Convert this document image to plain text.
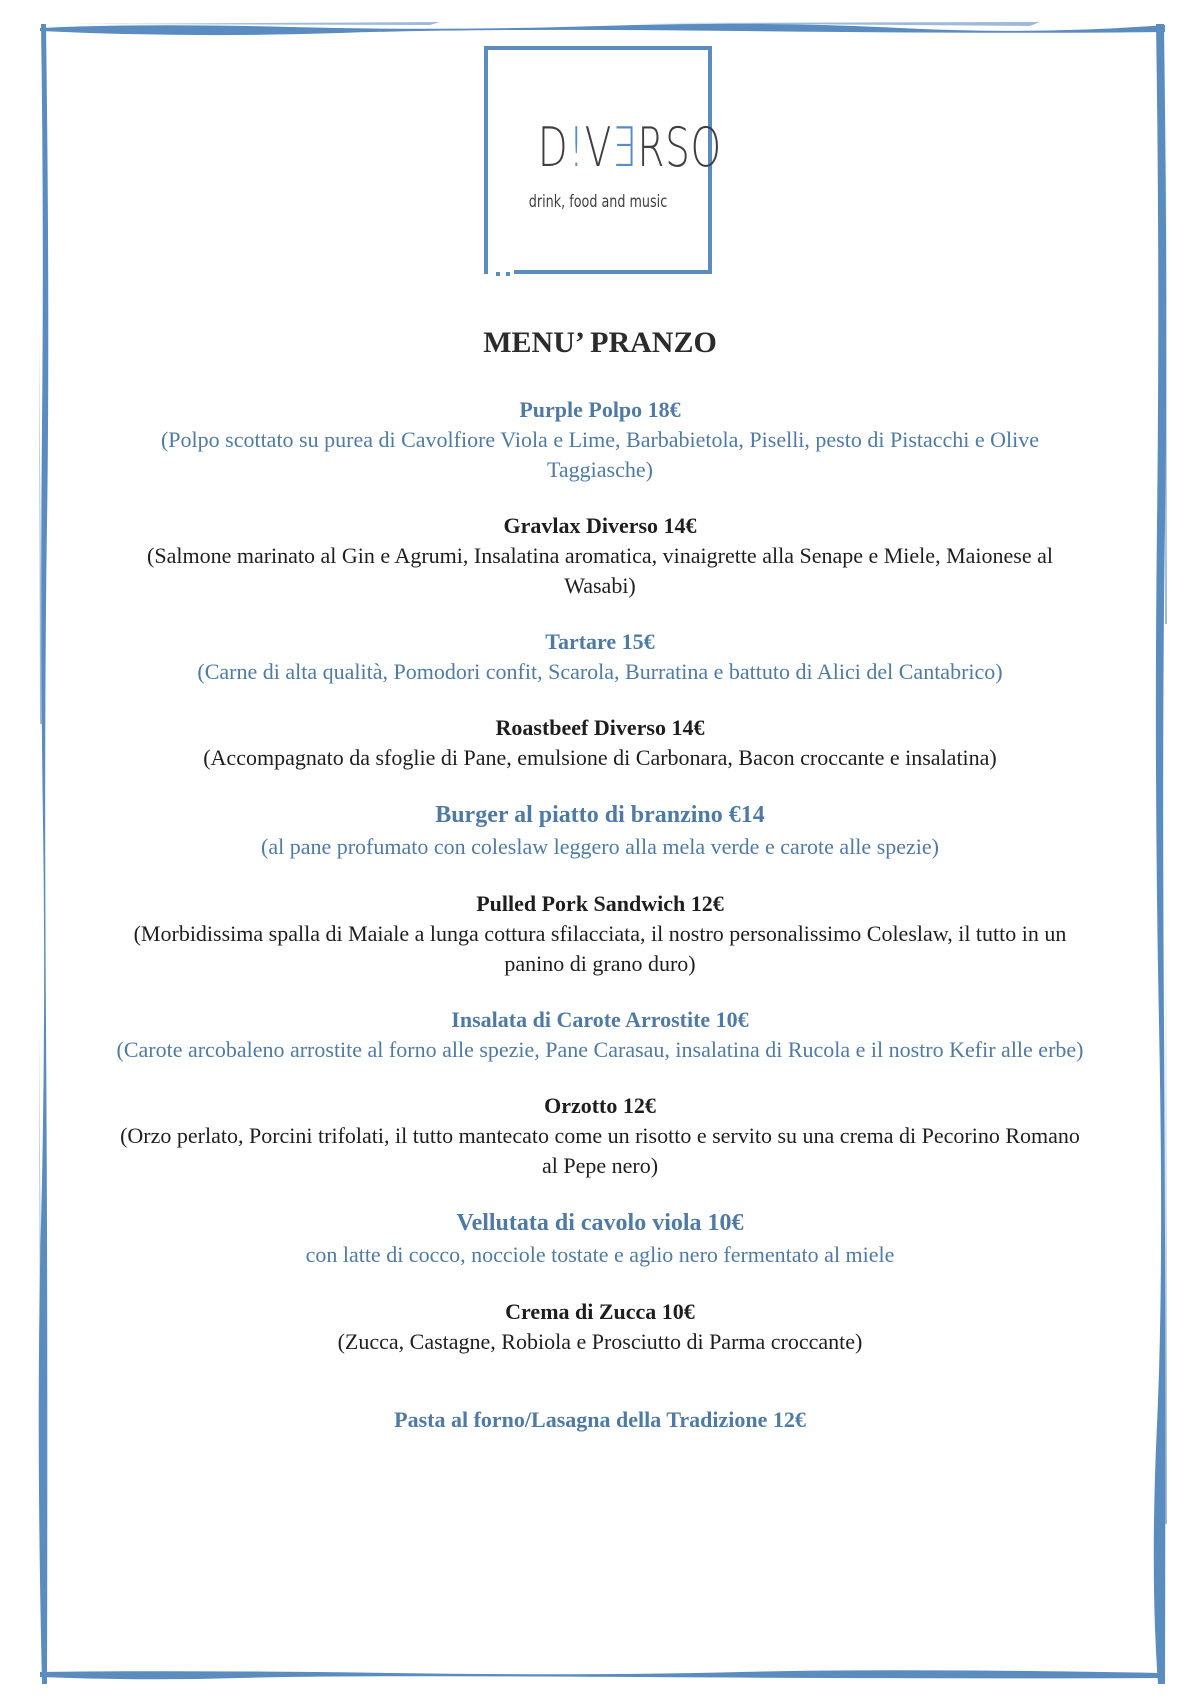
D!VERSO
drink, food and music
MENU’ PRANZO
Purple Polpo 18€
(Polpo scottato su purea di Cavolfiore Viola e Lime, Barbabietola, Piselli, pesto di Pistacchi e Olive Taggiasche)
Gravlax Diverso 14€
(Salmone marinato al Gin e Agrumi, Insalatina aromatica, vinaigrette alla Senape e Miele, Maionese al Wasabi)
Tartare 15€
(Carne di alta qualità, Pomodori confit, Scarola, Burratina e battuto di Alici del Cantabrico)
Roastbeef Diverso 14€
(Accompagnato da sfoglie di Pane, emulsione di Carbonara, Bacon croccante e insalatina)
Burger al piatto di branzino €14
(al pane profumato con coleslaw leggero alla mela verde e carote alle spezie)
Pulled Pork Sandwich 12€
(Morbidissima spalla di Maiale a lunga cottura sfilacciata, il nostro personalissimo Coleslaw, il tutto in un panino di grano duro)
Insalata di Carote Arrostite 10€
(Carote arcobaleno arrostite al forno alle spezie, Pane Carasau, insalatina di Rucola e il nostro Kefir alle erbe)
Orzotto 12€
(Orzo perlato, Porcini trifolati, il tutto mantecato come un risotto e servito su una crema di Pecorino Romano al Pepe nero)
Vellutata di cavolo viola 10€
con latte di cocco, nocciole tostate e aglio nero fermentato al miele
Crema di Zucca 10€
(Zucca, Castagne, Robiola e Prosciutto di Parma croccante)
Pasta al forno/Lasagna della Tradizione 12€
